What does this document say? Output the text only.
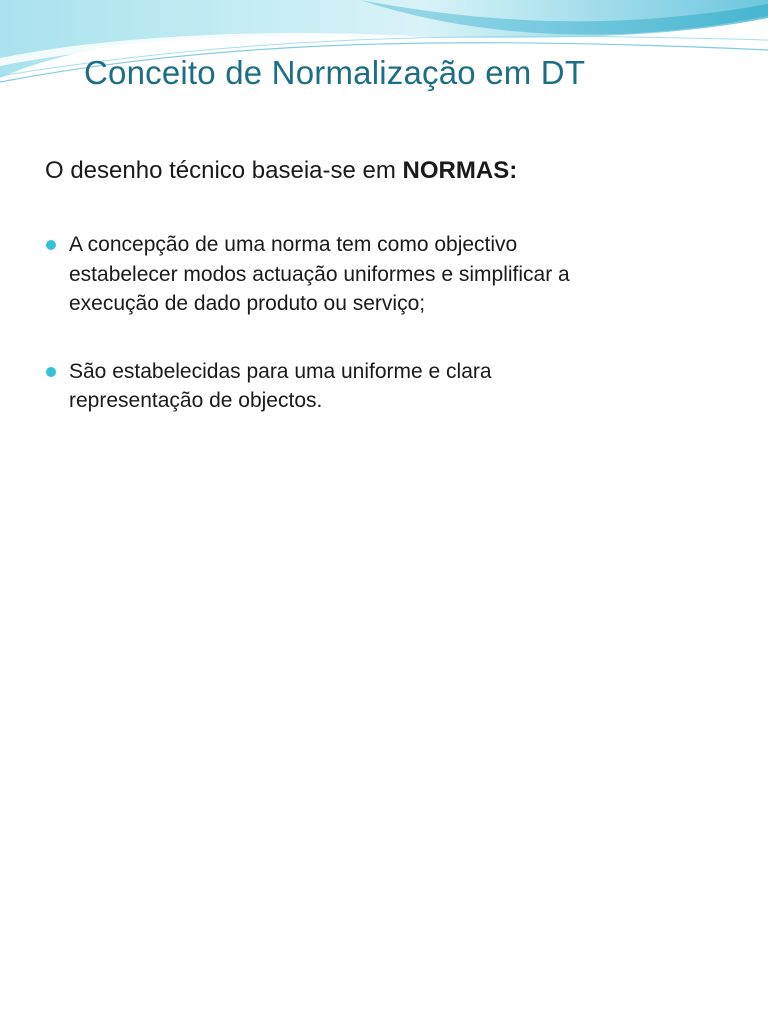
Conceito de Normalização em DT

O desenho técnico baseia-se em NORMAS:

A concepção de uma norma tem como objectivo
estabelecer modos actuação uniformes e simplificar a
execução de dado produto ou serviço;
São estabelecidas para uma uniforme e clara
representação de objectos.
